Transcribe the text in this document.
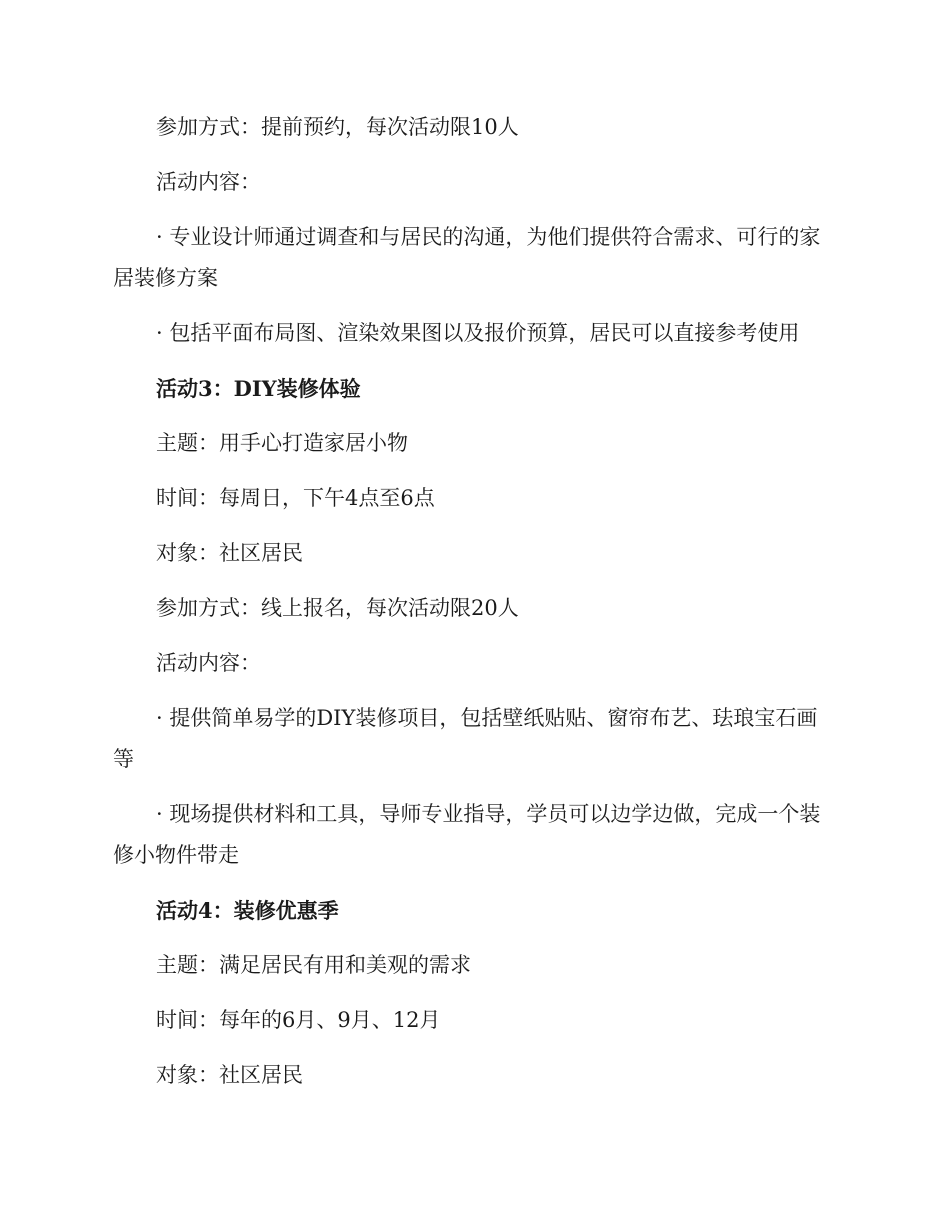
参加方式：提前预约，每次活动限10人

活动内容：

· 专业设计师通过调查和与居民的沟通，为他们提供符合需求、可行的家居装修方案

· 包括平面布局图、渲染效果图以及报价预算，居民可以直接参考使用

活动3：DIY装修体验

主题：用手心打造家居小物

时间：每周日，下午4点至6点

对象：社区居民

参加方式：线上报名，每次活动限20人

活动内容：

· 提供简单易学的DIY装修项目，包括壁纸贴贴、窗帘布艺、珐琅宝石画等

· 现场提供材料和工具，导师专业指导，学员可以边学边做，完成一个装修小物件带走

活动4：装修优惠季

主题：满足居民有用和美观的需求

时间：每年的6月、9月、12月

对象：社区居民
